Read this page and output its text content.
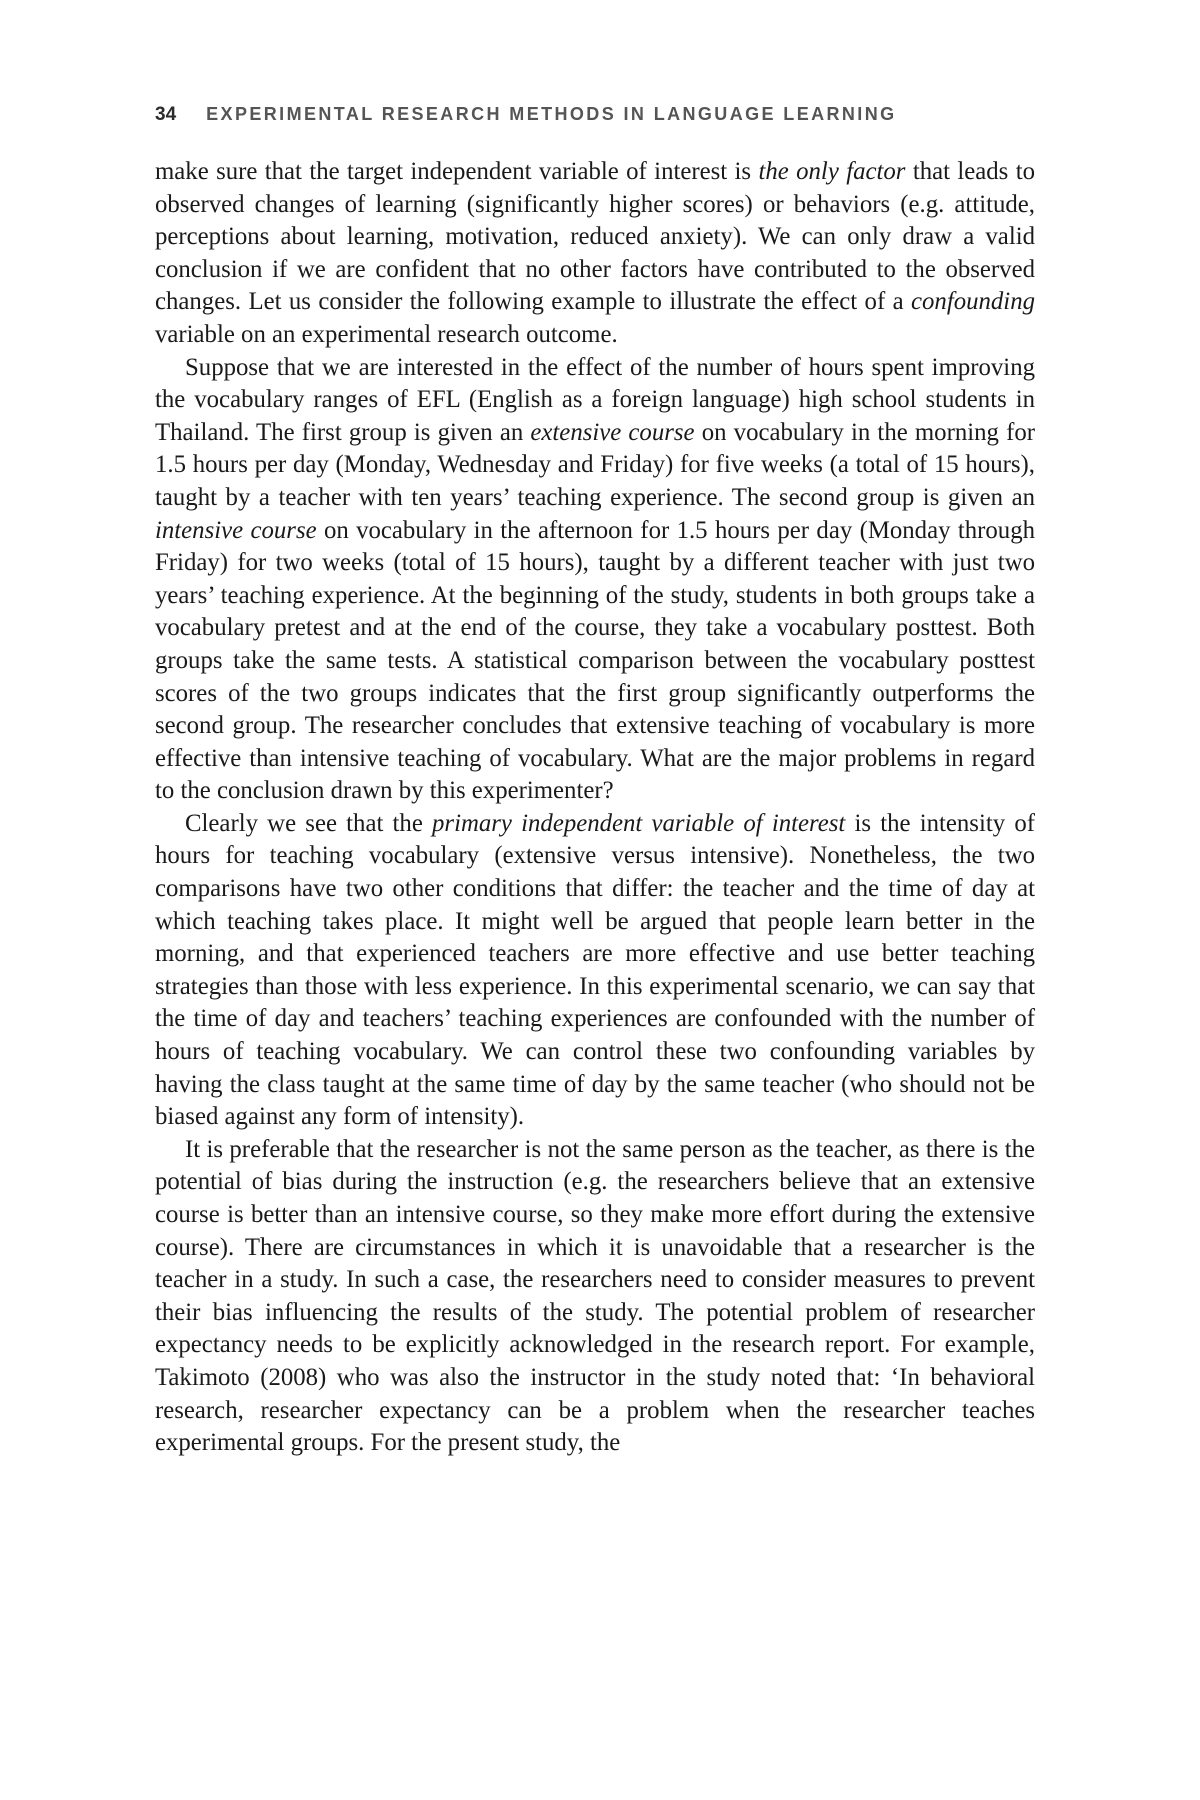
34 EXPERIMENTAL RESEARCH METHODS IN LANGUAGE LEARNING

make sure that the target independent variable of interest is the only factor that leads to observed changes of learning (significantly higher scores) or behaviors (e.g. attitude, perceptions about learning, motivation, reduced anxiety). We can only draw a valid conclusion if we are confident that no other factors have contributed to the observed changes. Let us consider the following example to illustrate the effect of a confounding variable on an experimental research outcome.

Suppose that we are interested in the effect of the number of hours spent improving the vocabulary ranges of EFL (English as a foreign language) high school students in Thailand. The first group is given an extensive course on vocabulary in the morning for 1.5 hours per day (Monday, Wednesday and Friday) for five weeks (a total of 15 hours), taught by a teacher with ten years’ teaching experience. The second group is given an intensive course on vocabulary in the afternoon for 1.5 hours per day (Monday through Friday) for two weeks (total of 15 hours), taught by a different teacher with just two years’ teaching experience. At the beginning of the study, students in both groups take a vocabulary pretest and at the end of the course, they take a vocabulary posttest. Both groups take the same tests. A statistical comparison between the vocabulary posttest scores of the two groups indicates that the first group significantly outperforms the second group. The researcher concludes that extensive teaching of vocabulary is more effective than intensive teaching of vocabulary. What are the major problems in regard to the conclusion drawn by this experimenter?

Clearly we see that the primary independent variable of interest is the intensity of hours for teaching vocabulary (extensive versus intensive). Nonetheless, the two comparisons have two other conditions that differ: the teacher and the time of day at which teaching takes place. It might well be argued that people learn better in the morning, and that experienced teachers are more effective and use better teaching strategies than those with less experience. In this experimental scenario, we can say that the time of day and teachers’ teaching experiences are confounded with the number of hours of teaching vocabulary. We can control these two confounding variables by having the class taught at the same time of day by the same teacher (who should not be biased against any form of intensity).

It is preferable that the researcher is not the same person as the teacher, as there is the potential of bias during the instruction (e.g. the researchers believe that an extensive course is better than an intensive course, so they make more effort during the extensive course). There are circumstances in which it is unavoidable that a researcher is the teacher in a study. In such a case, the researchers need to consider measures to prevent their bias influencing the results of the study. The potential problem of researcher expectancy needs to be explicitly acknowledged in the research report. For example, Takimoto (2008) who was also the instructor in the study noted that: ‘In behavioral research, researcher expectancy can be a problem when the researcher teaches experimental groups. For the present study, the
